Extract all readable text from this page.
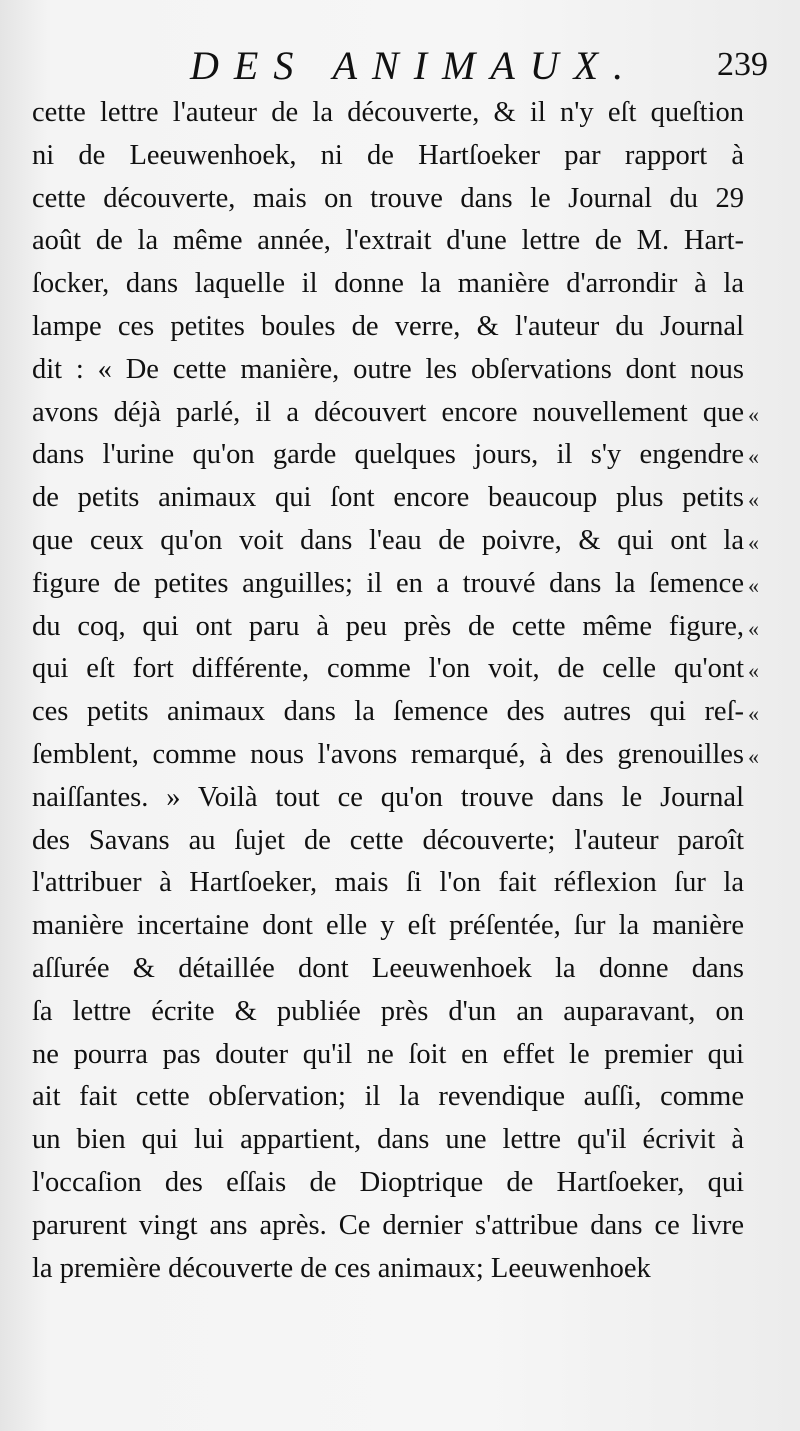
DES ANIMAUX. 239
cette lettre l'auteur de la découverte, & il n'y eſt queſtion
ni de Leeuwenhoek, ni de Hartſoeker par rapport à
cette découverte, mais on trouve dans le Journal du 29
août de la même année, l'extrait d'une lettre de M. Hart-
ſocker, dans laquelle il donne la manière d'arrondir à la
lampe ces petites boules de verre, & l'auteur du Journal
dit : « De cette manière, outre les obſervations dont nous
avons déjà parlé, il a découvert encore nouvellement que
dans l'urine qu'on garde quelques jours, il s'y engendre
de petits animaux qui ſont encore beaucoup plus petits
que ceux qu'on voit dans l'eau de poivre, & qui ont la
figure de petites anguilles; il en a trouvé dans la ſemence
du coq, qui ont paru à peu près de cette même figure,
qui eſt fort différente, comme l'on voit, de celle qu'ont
ces petits animaux dans la ſemence des autres qui reſ-
ſemblent, comme nous l'avons remarqué, à des grenouilles
naiſſantes. » Voilà tout ce qu'on trouve dans le Journal
des Savans au ſujet de cette découverte; l'auteur paroît
l'attribuer à Hartſoeker, mais ſi l'on fait réflexion ſur la
manière incertaine dont elle y eſt préſentée, ſur la manière
aſſurée & détaillée dont Leeuwenhoek la donne dans
ſa lettre écrite & publiée près d'un an auparavant, on
ne pourra pas douter qu'il ne ſoit en effet le premier qui
ait fait cette obſervation; il la revendique auſſi, comme
un bien qui lui appartient, dans une lettre qu'il écrivit à
l'occaſion des eſſais de Dioptrique de Hartſoeker, qui
parurent vingt ans après. Ce dernier s'attribue dans ce livre
la première découverte de ces animaux; Leeuwenhoek
«
«
«
«
«
«
«
«
«
